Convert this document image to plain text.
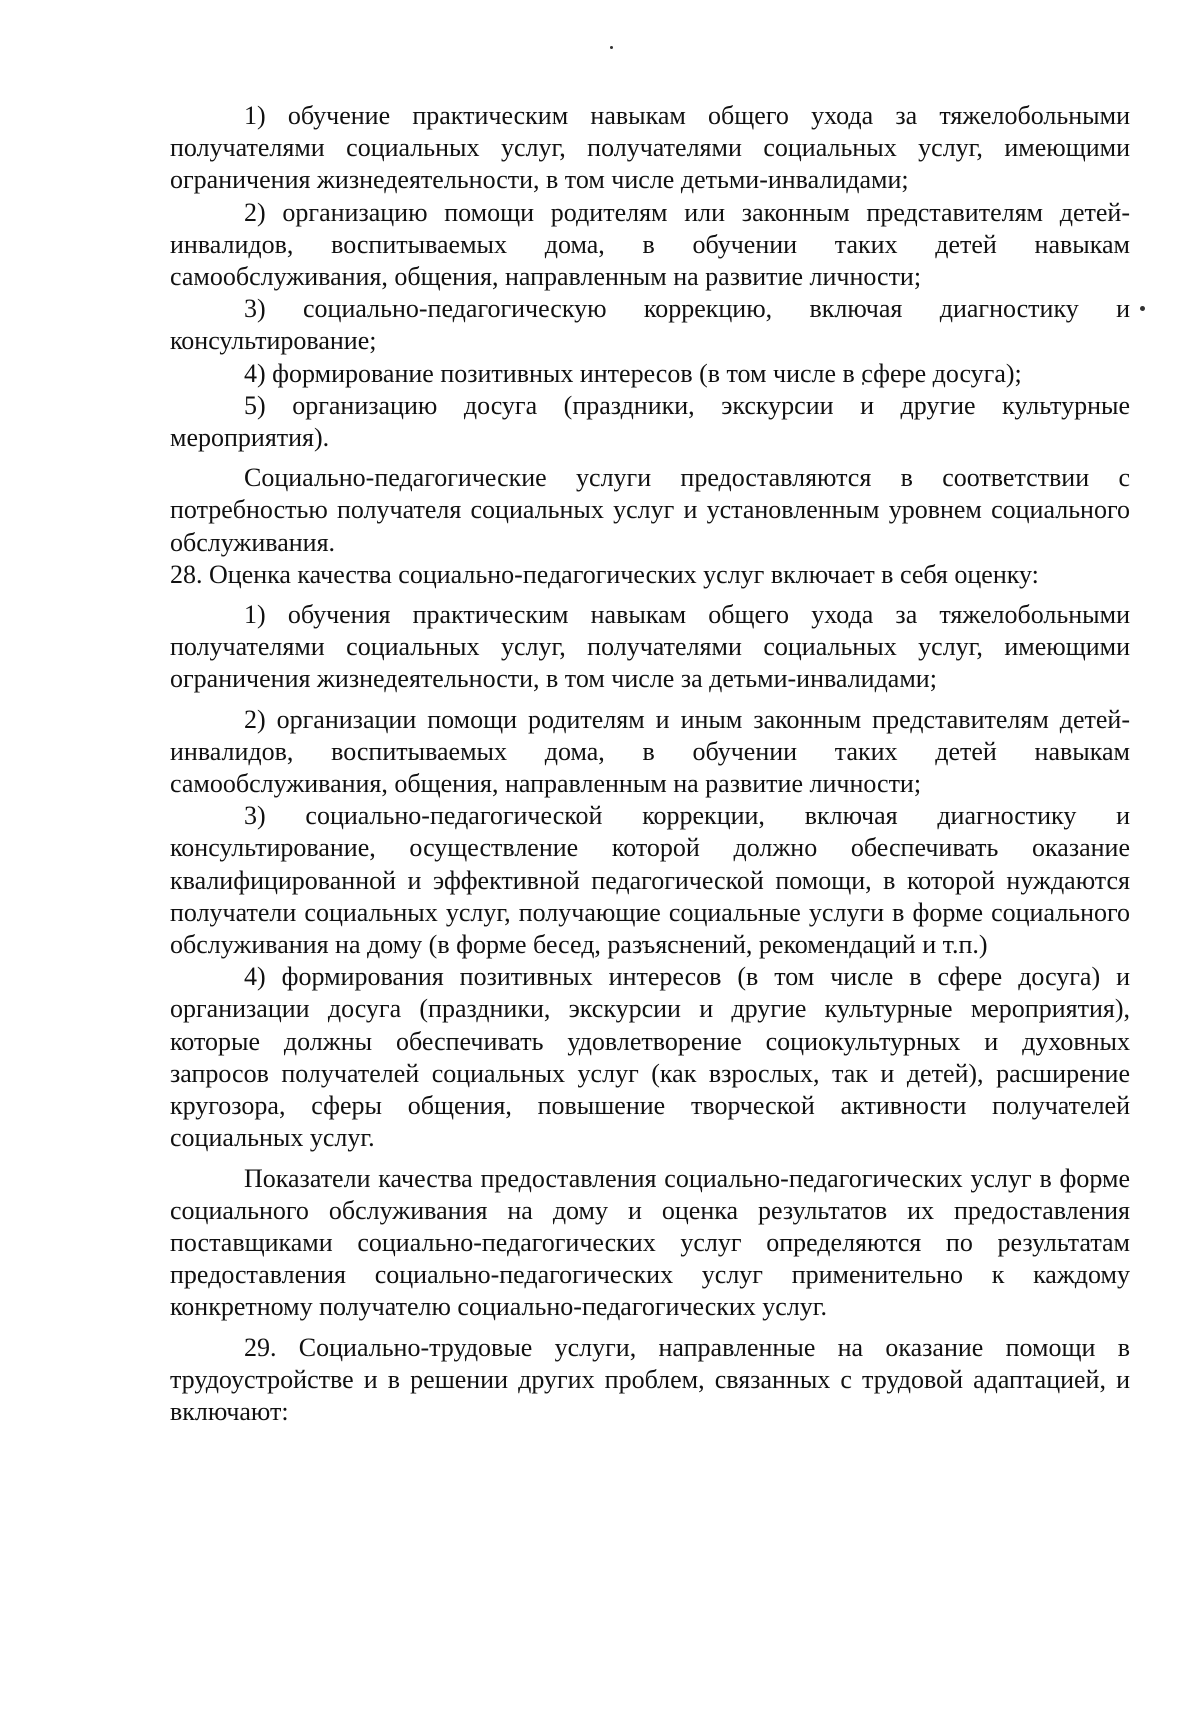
1) обучение практическим навыкам общего ухода за тяжелобольными получателями социальных услуг, получателями социальных услуг, имеющими ограничения жизнедеятельности, в том числе детьми-инвалидами;

2) организацию помощи родителям или законным представителям детей-инвалидов, воспитываемых дома, в обучении таких детей навыкам самообслуживания, общения, направленным на развитие личности;

3) социально-педагогическую коррекцию, включая диагностику и консультирование;

4) формирование позитивных интересов (в том числе в сфере досуга);

5) организацию досуга (праздники, экскурсии и другие культурные мероприятия).

Социально-педагогические услуги предоставляются в соответствии с потребностью получателя социальных услуг и установленным уровнем социального обслуживания.

28. Оценка качества социально-педагогических услуг включает в себя оценку:

1) обучения практическим навыкам общего ухода за тяжелобольными получателями социальных услуг, получателями социальных услуг, имеющими ограничения жизнедеятельности, в том числе за детьми-инвалидами;

2) организации помощи родителям и иным законным представителям детей-инвалидов, воспитываемых дома, в обучении таких детей навыкам самообслуживания, общения, направленным на развитие личности;

3) социально-педагогической коррекции, включая диагностику и консультирование, осуществление которой должно обеспечивать оказание квалифицированной и эффективной педагогической помощи, в которой нуждаются получатели социальных услуг, получающие социальные услуги в форме социального обслуживания на дому (в форме бесед, разъяснений, рекомендаций и т.п.)

4) формирования позитивных интересов (в том числе в сфере досуга) и организации досуга (праздники, экскурсии и другие культурные мероприятия), которые должны обеспечивать удовлетворение социокультурных и духовных запросов получателей социальных услуг (как взрослых, так и детей), расширение кругозора, сферы общения, повышение творческой активности получателей социальных услуг.

Показатели качества предоставления социально-педагогических услуг в форме социального обслуживания на дому и оценка результатов их предоставления поставщиками социально-педагогических услуг определяются по результатам предоставления социально-педагогических услуг применительно к каждому конкретному получателю социально-педагогических услуг.

29. Социально-трудовые услуги, направленные на оказание помощи в трудоустройстве и в решении других проблем, связанных с трудовой адаптацией, и включают:
